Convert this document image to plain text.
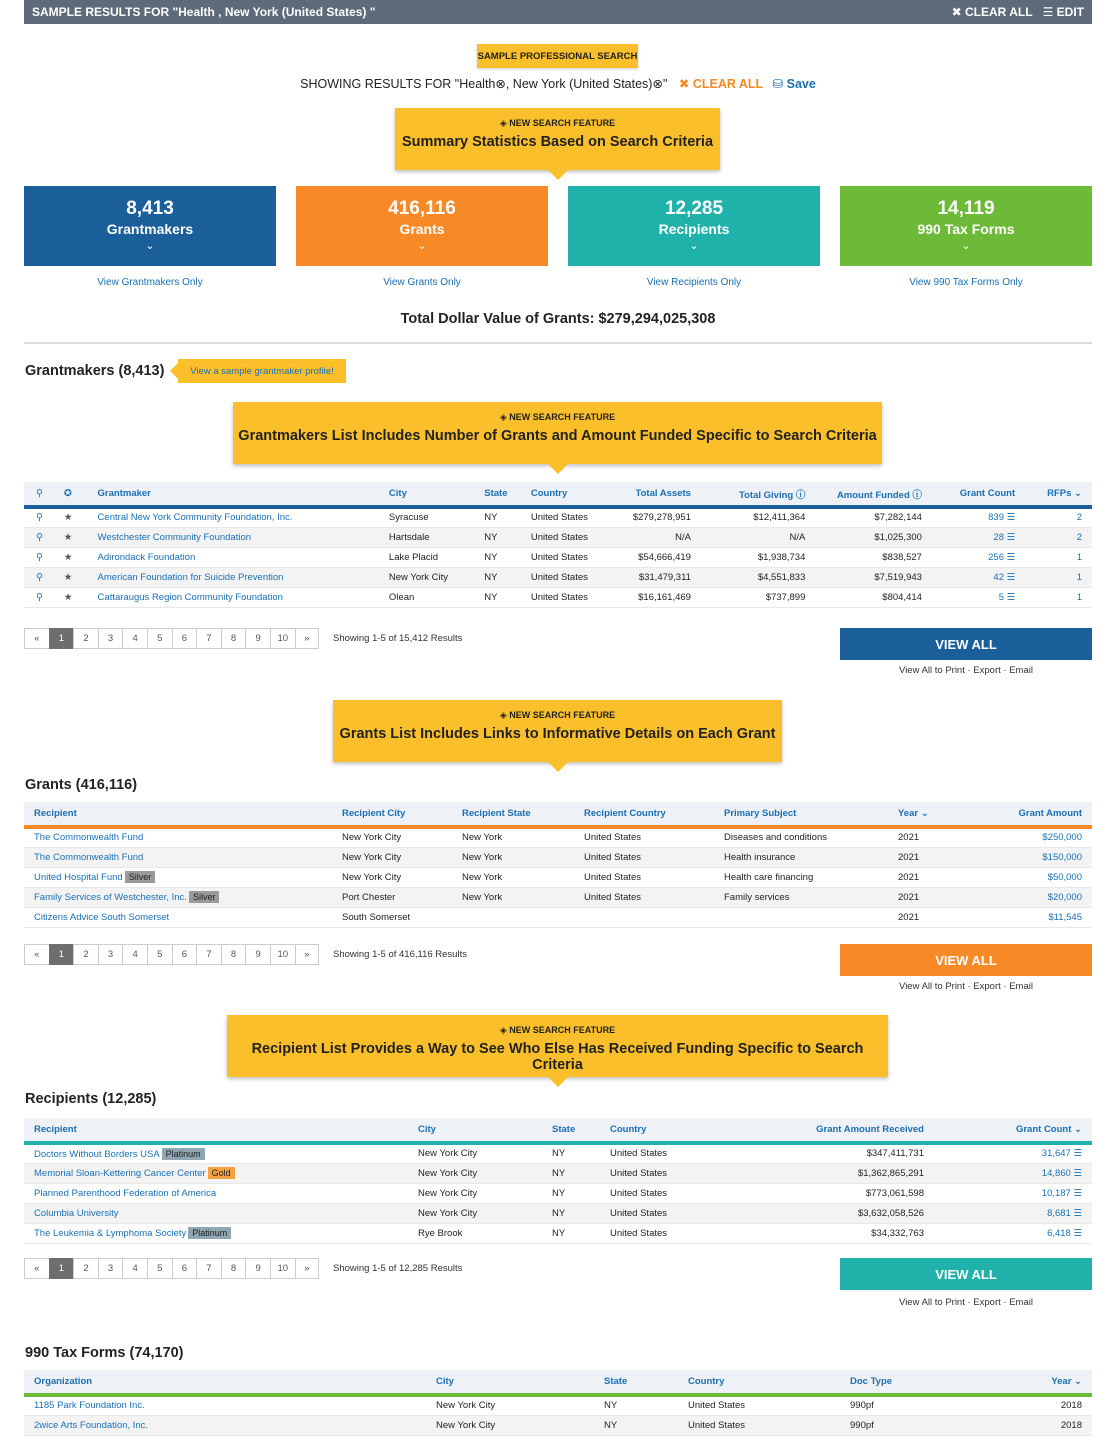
SAMPLE RESULTS FOR "Health , New York (United States) "	✖ CLEAR ALL ☰ EDIT
SAMPLE PROFESSIONAL SEARCH
SHOWING RESULTS FOR "Health⊗, New York (United States)⊗" ✖ CLEAR ALL ⛁ Save
◈ NEW SEARCH FEATURE
Summary Statistics Based on Search Criteria
8,413
Grantmakers
⌄
416,116
Grants
⌄
12,285
Recipients
⌄
14,119
990 Tax Forms
⌄
View Grantmakers Only	View Grants Only	View Recipients Only	View 990 Tax Forms Only
Total Dollar Value of Grants: $279,294,025,308
Grantmakers (8,413)	View a sample grantmaker profile!
◈ NEW SEARCH FEATURE
Grantmakers List Includes Number of Grants and Amount Funded Specific to Search Criteria
⚲	✪	Grantmaker	City	State	Country	Total Assets	Total Giving ⓘ	Amount Funded ⓘ	Grant Count	RFPs ⌄
⚲	★	Central New York Community Foundation, Inc.	Syracuse	NY	United States	$279,278,951	$12,411,364	$7,282,144	839 ☰	2
⚲	★	Westchester Community Foundation	Hartsdale	NY	United States	N/A	N/A	$1,025,300	28 ☰	2
⚲	★	Adirondack Foundation	Lake Placid	NY	United States	$54,666,419	$1,938,734	$838,527	256 ☰	1
⚲	★	American Foundation for Suicide Prevention	New York City	NY	United States	$31,479,311	$4,551,833	$7,519,943	42 ☰	1
⚲	★	Cattaraugus Region Community Foundation	Olean	NY	United States	$16,161,469	$737,899	$804,414	5 ☰	1
«	1	2	3	4	5	6	7	8	9	10	»	Showing 1-5 of 15,412 Results	VIEW ALL
View All to Print · Export · Email
◈ NEW SEARCH FEATURE
Grants List Includes Links to Informative Details on Each Grant
Grants (416,116)
Recipient	Recipient City	Recipient State	Recipient Country	Primary Subject	Year ⌄	Grant Amount
The Commonwealth Fund	New York City	New York	United States	Diseases and conditions	2021	$250,000
The Commonwealth Fund	New York City	New York	United States	Health insurance	2021	$150,000
United Hospital Fund Silver	New York City	New York	United States	Health care financing	2021	$50,000
Family Services of Westchester, Inc. Silver	Port Chester	New York	United States	Family services	2021	$20,000
Citizens Advice South Somerset	South Somerset				2021	$11,545
«	1	2	3	4	5	6	7	8	9	10	»	Showing 1-5 of 416,116 Results	VIEW ALL
View All to Print · Export · Email
◈ NEW SEARCH FEATURE
Recipient List Provides a Way to See Who Else Has Received Funding Specific to Search Criteria
Recipients (12,285)
Recipient	City	State	Country	Grant Amount Received	Grant Count ⌄
Doctors Without Borders USA Platinum	New York City	NY	United States	$347,411,731	31,647 ☰
Memorial Sloan-Kettering Cancer Center Gold	New York City	NY	United States	$1,362,865,291	14,860 ☰
Planned Parenthood Federation of America	New York City	NY	United States	$773,061,598	10,187 ☰
Columbia University	New York City	NY	United States	$3,632,058,526	8,681 ☰
The Leukemia & Lymphoma Society Platinum	Rye Brook	NY	United States	$34,332,763	6,418 ☰
«	1	2	3	4	5	6	7	8	9	10	»	Showing 1-5 of 12,285 Results	VIEW ALL
View All to Print · Export · Email
990 Tax Forms (74,170)
Organization	City	State	Country	Doc Type	Year ⌄
1185 Park Foundation Inc.	New York City	NY	United States	990pf	2018
2wice Arts Foundation, Inc.	New York City	NY	United States	990pf	2018
